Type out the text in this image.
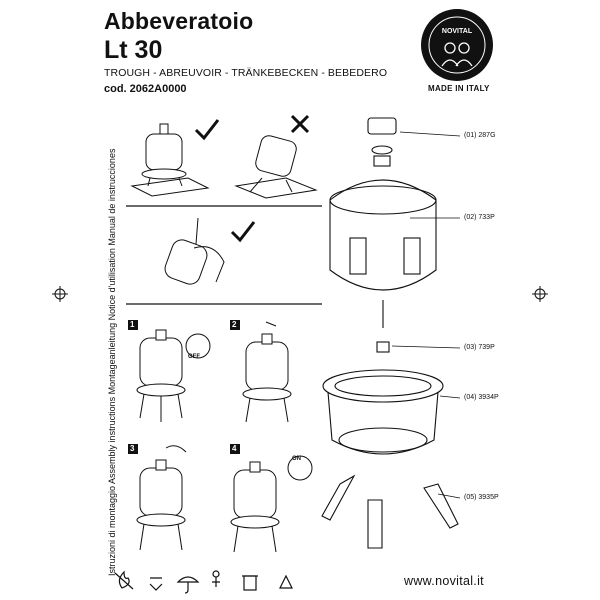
Abbeveratoio
Lt 30
TROUGH - ABREUVOIR - TRÄNKEBECKEN - BEBEDERO
cod. 2062A0000	MADE IN ITALY
www.novital.it
Istruzioni di montaggio Assembly instructions Montageanleitung Notice d'utilisation Manual de instrucciones
NOVITAL
1	2
3	4
OFF
ON
(01) 287G
(02) 733P
(03) 739P
(04) 3934P
(05) 3935P
